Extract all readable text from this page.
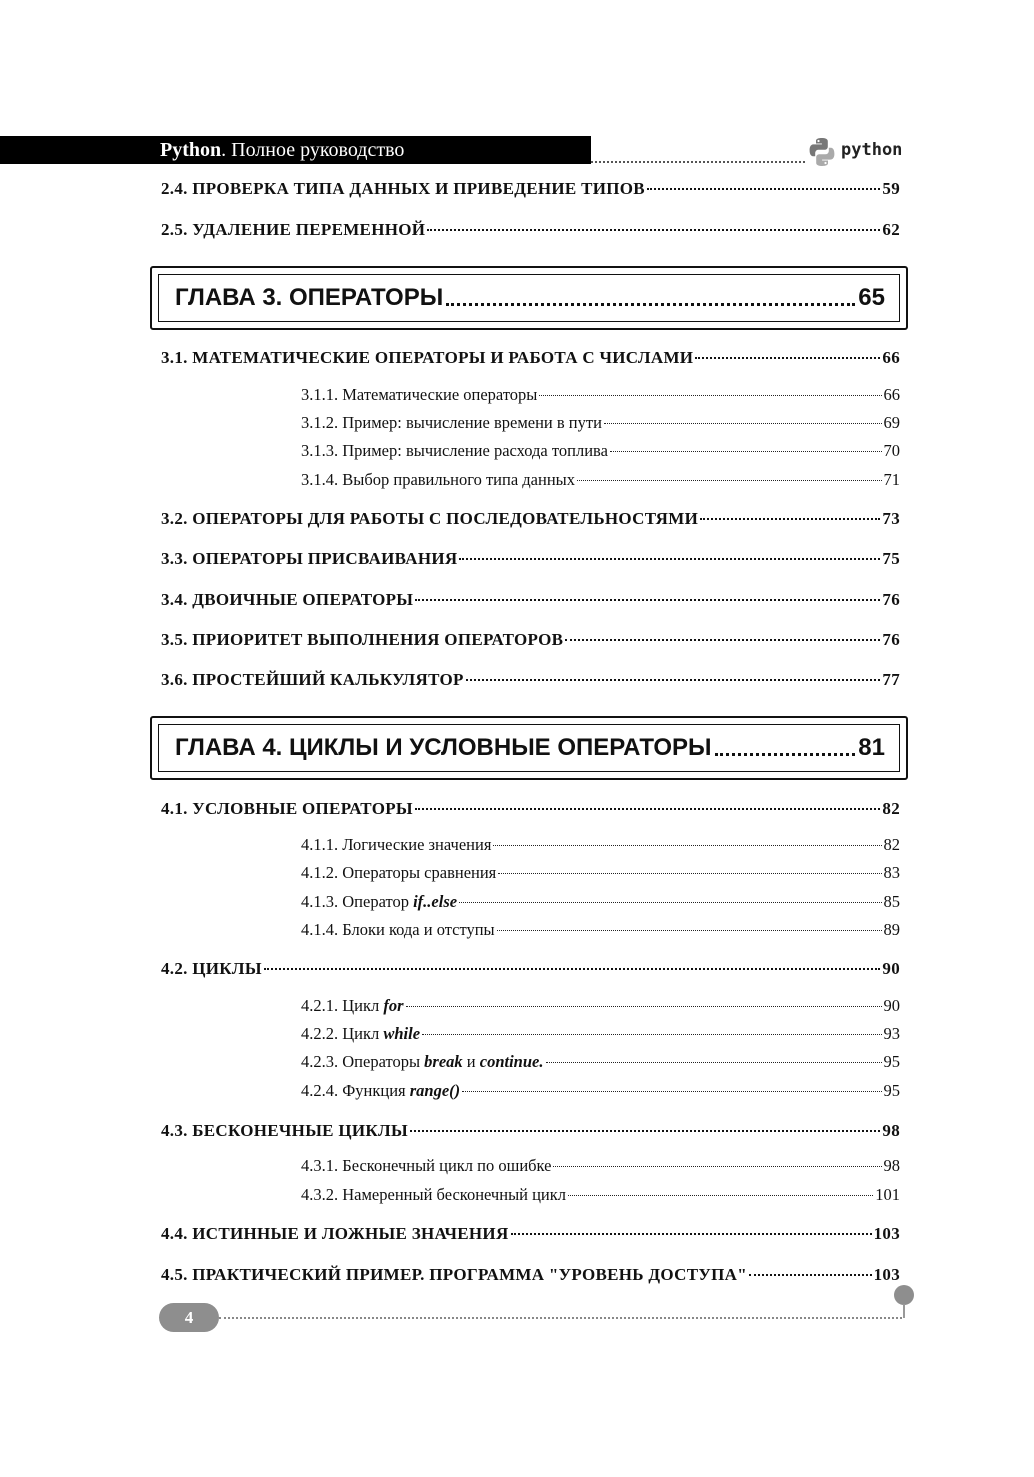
Python. Полное руководство	python
2.4. ПРОВЕРКА ТИПА ДАННЫХ И ПРИВЕДЕНИЕ ТИПОВ	59
2.5. УДАЛЕНИЕ ПЕРЕМЕННОЙ	62
ГЛАВА 3. ОПЕРАТОРЫ	65
3.1. МАТЕМАТИЧЕСКИЕ ОПЕРАТОРЫ И РАБОТА С ЧИСЛАМИ	66
3.1.1. Математические операторы	66
3.1.2. Пример: вычисление времени в пути	69
3.1.3. Пример: вычисление расхода топлива	70
3.1.4. Выбор правильного типа данных	71
3.2. ОПЕРАТОРЫ ДЛЯ РАБОТЫ С ПОСЛЕДОВАТЕЛЬНОСТЯМИ	73
3.3. ОПЕРАТОРЫ ПРИСВАИВАНИЯ	75
3.4. ДВОИЧНЫЕ ОПЕРАТОРЫ	76
3.5. ПРИОРИТЕТ ВЫПОЛНЕНИЯ ОПЕРАТОРОВ	76
3.6. ПРОСТЕЙШИЙ КАЛЬКУЛЯТОР	77
ГЛАВА 4. ЦИКЛЫ И УСЛОВНЫЕ ОПЕРАТОРЫ	81
4.1. УСЛОВНЫЕ ОПЕРАТОРЫ	82
4.1.1. Логические значения	82
4.1.2. Операторы сравнения	83
4.1.3. Оператор if..else	85
4.1.4. Блоки кода и отступы	89
4.2. ЦИКЛЫ	90
4.2.1. Цикл for	90
4.2.2. Цикл while	93
4.2.3. Операторы break и continue.	95
4.2.4. Функция range()	95
4.3. БЕСКОНЕЧНЫЕ ЦИКЛЫ	98
4.3.1. Бесконечный цикл по ошибке	98
4.3.2. Намеренный бесконечный цикл	101
4.4. ИСТИННЫЕ И ЛОЖНЫЕ ЗНАЧЕНИЯ	103
4.5. ПРАКТИЧЕСКИЙ ПРИМЕР. ПРОГРАММА "УРОВЕНЬ ДОСТУПА"	103
4
